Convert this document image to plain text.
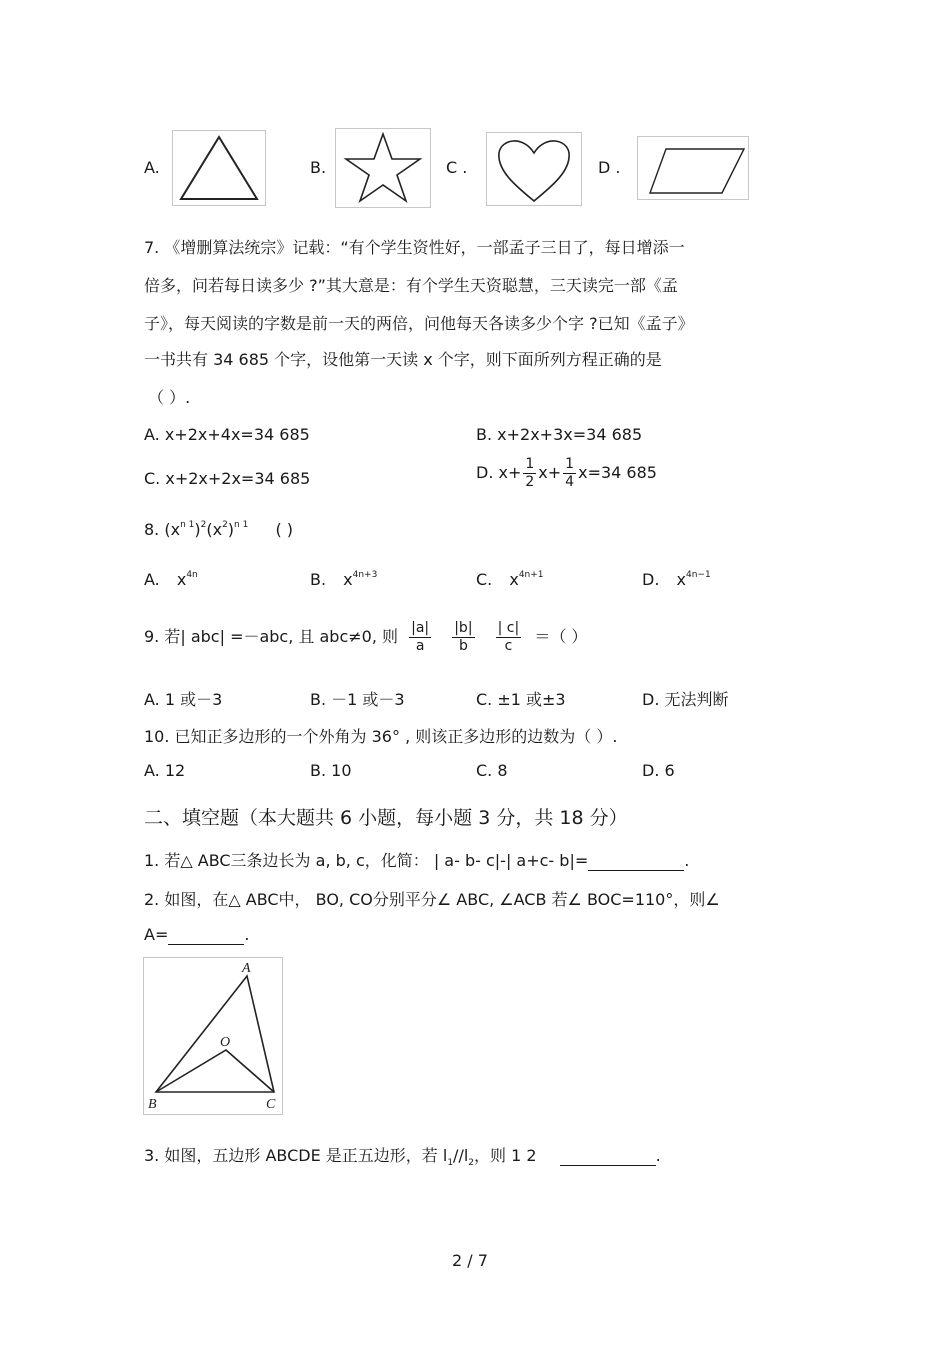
A.	B.	C .	D .
7. 《增删算法统宗》记载：“有个学生资性好，一部孟子三日了，每日增添一
倍多，问若每日读多少 ?”其大意是：有个学生天资聪慧，三天读完一部《孟
子》，每天阅读的字数是前一天的两倍，问他每天各读多少个字 ?已知《孟子》
一书共有 34 685 个字，设他第一天读 x 个字，则下面所列方程正确的是
（ ）.
A. x+2x+4x=34 685	B. x+2x+3x=34 685
C. x+2x+2x=34 685	D. $x+ \frac{1}{2} x+ \frac{1}{4} x=34$ 685
8. $(x^{n 1})^2(x^2)^{n 1}$ ( )
A. $x^{4n}$	B. $x^{4n+3}$	C. $x^{4n+1}$	D. $x^{4n-1}$
9. 若| abc| =－abc, 且 abc≠0, 则 $\frac{|a|}{a}$
$\frac{|b|}{b}$
$\frac{| c|}{c}$ ＝（ ）
A. 1 或－3	B. －1 或－3	C. ±1 或±3	D. 无法判断
10. 已知正多边形的一个外角为 36° , 则该正多边形的边数为（ ）.
A. 12	B. 10	C. 8	D. 6
二、填空题（本大题共 6 小题，每小题 3 分，共 18 分）
1. 若△ ABC三条边长为 a, b, c，化简： | a- b- c|-| a+c- b|=	.
2. 如图，在△ ABC中， BO, CO分别平分∠ ABC, ∠ACB 若∠ BOC=110°，则∠
A=	.
A
O
B	C
3. 如图，五边形 ABCDE 是正五边形，若 $l_1//l_2$，则 1 2	.
2 / 7
